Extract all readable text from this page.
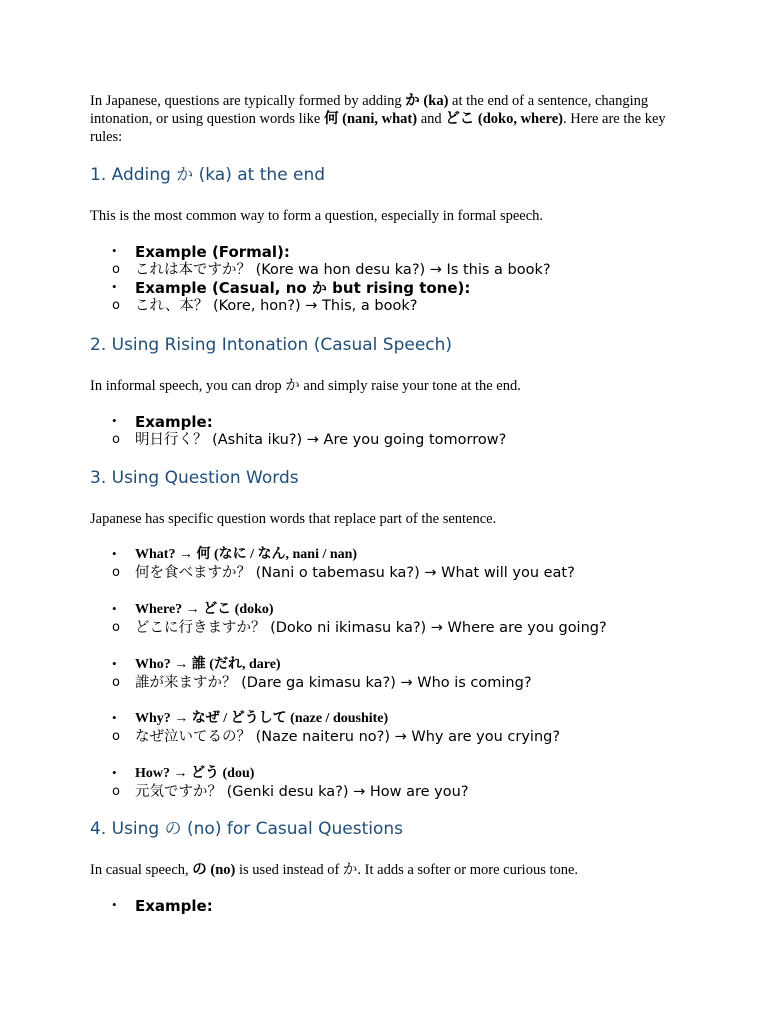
In Japanese, questions are typically formed by adding か (ka) at the end of a sentence, changing intonation, or using question words like 何 (nani, what) and どこ (doko, where). Here are the key rules:
1. Adding か (ka) at the end
This is the most common way to form a question, especially in formal speech.
• Example (Formal):
o これは本ですか？ (Kore wa hon desu ka?) → Is this a book?
• Example (Casual, no か but rising tone):
o これ、本？ (Kore, hon?) → This, a book?
2. Using Rising Intonation (Casual Speech)
In informal speech, you can drop か and simply raise your tone at the end.
• Example:
o 明日行く？ (Ashita iku?) → Are you going tomorrow?
3. Using Question Words
Japanese has specific question words that replace part of the sentence.
• What? → 何 (なに / なん, nani / nan)
o 何を食べますか？ (Nani o tabemasu ka?) → What will you eat?
• Where? → どこ (doko)
o どこに行きますか？ (Doko ni ikimasu ka?) → Where are you going?
• Who? → 誰 (だれ, dare)
o 誰が来ますか？ (Dare ga kimasu ka?) → Who is coming?
• Why? → なぜ / どうして (naze / doushite)
o なぜ泣いてるの？ (Naze naiteru no?) → Why are you crying?
• How? → どう (dou)
o 元気ですか？ (Genki desu ka?) → How are you?
4. Using の (no) for Casual Questions
In casual speech, の (no) is used instead of か. It adds a softer or more curious tone.
• Example:
